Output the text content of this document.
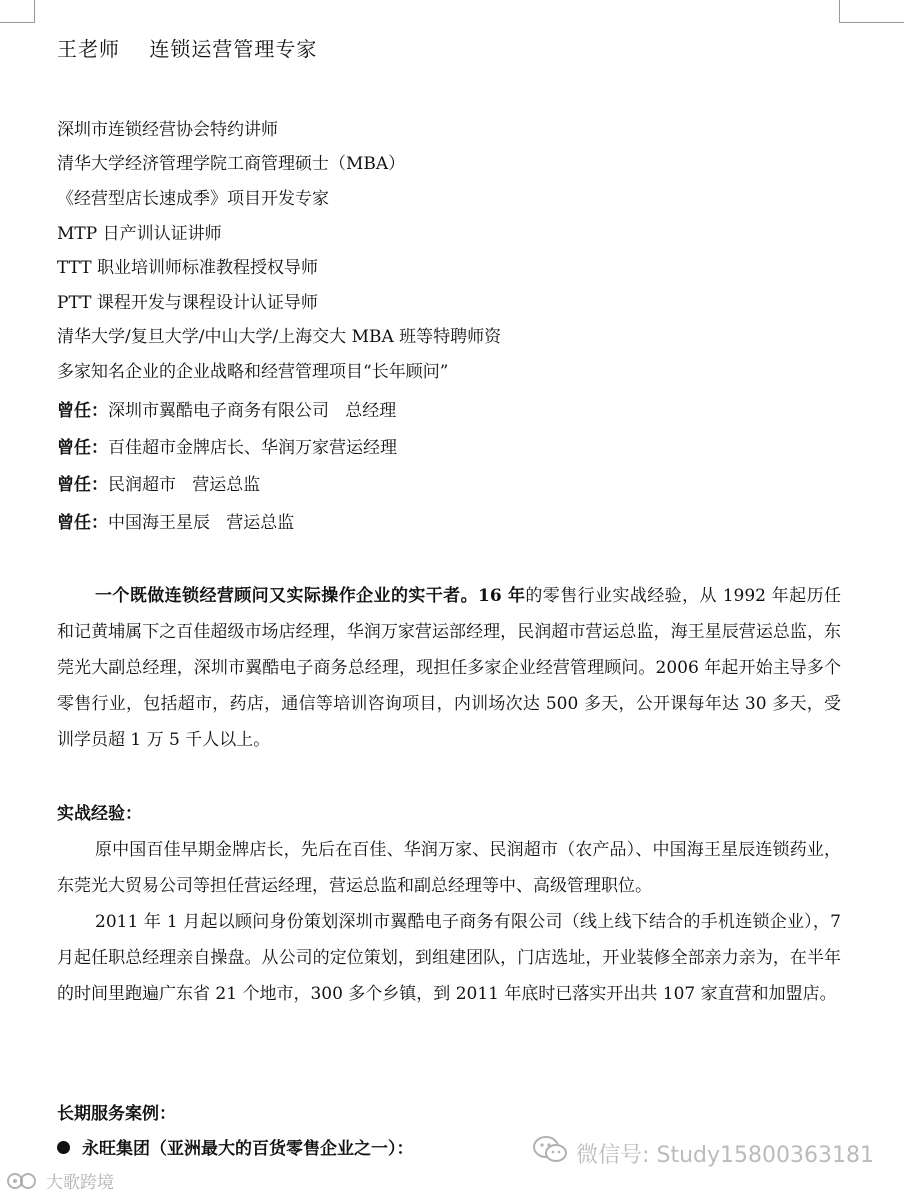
王老师    连锁运营管理专家
深圳市连锁经营协会特约讲师
清华大学经济管理学院工商管理硕士（MBA）
《经营型店长速成季》项目开发专家
MTP 日产训认证讲师
TTT 职业培训师标准教程授权导师
PTT 课程开发与课程设计认证导师
清华大学/复旦大学/中山大学/上海交大 MBA 班等特聘师资
多家知名企业的企业战略和经营管理项目“长年顾问”
曾任：深圳市翼酷电子商务有限公司   总经理
曾任：百佳超市金牌店长、华润万家营运经理
曾任：民润超市   营运总监
曾任：中国海王星辰   营运总监
一个既做连锁经营顾问又实际操作企业的实干者。16 年的零售行业实战经验，从 1992 年起历任和记黄埔属下之百佳超级市场店经理，华润万家营运部经理，民润超市营运总监，海王星辰营运总监，东莞光大副总经理，深圳市翼酷电子商务总经理，现担任多家企业经营管理顾问。2006 年起开始主导多个零售行业，包括超市，药店，通信等培训咨询项目，内训场次达 500 多天，公开课每年达 30 多天，受训学员超 1 万 5 千人以上。
实战经验：
原中国百佳早期金牌店长，先后在百佳、华润万家、民润超市（农产品）、中国海王星辰连锁药业，东莞光大贸易公司等担任营运经理，营运总监和副总经理等中、高级管理职位。
2011 年 1 月起以顾问身份策划深圳市翼酷电子商务有限公司（线上线下结合的手机连锁企业），7 月起任职总经理亲自操盘。从公司的定位策划，到组建团队，门店选址，开业装修全部亲力亲为，在半年的时间里跑遍广东省 21 个地市，300 多个乡镇，到 2011 年底时已落实开出共 107 家直营和加盟店。
长期服务案例：
永旺集团（亚洲最大的百货零售企业之一）：
大歌跨境
微信号: Study15800363181
